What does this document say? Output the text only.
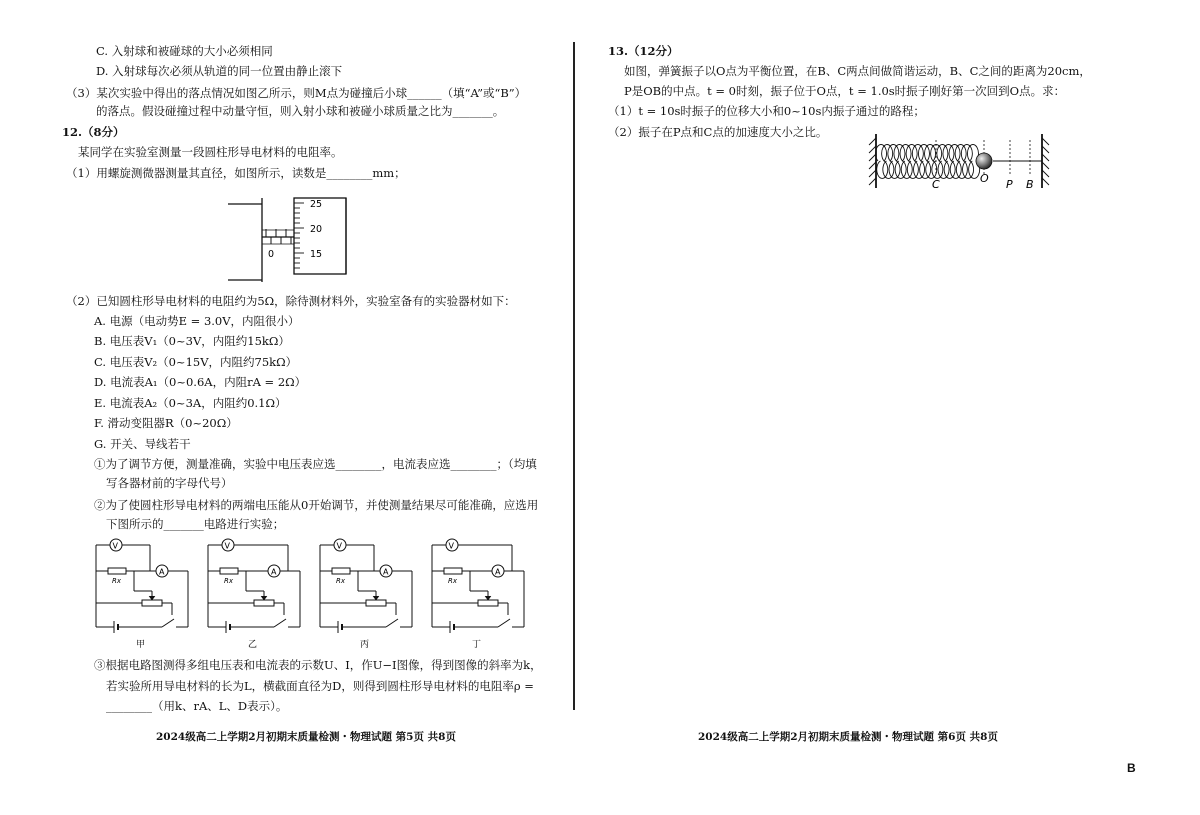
C. 入射球和被碰球的大小必须相同
D. 入射球每次必须从轨道的同一位置由静止滚下
（3）某次实验中得出的落点情况如图乙所示，则M点为碰撞后小球______（填“A”或“B”）
的落点。假设碰撞过程中动量守恒，则入射小球和被碰小球质量之比为_______。
12.（8分）
某同学在实验室测量一段圆柱形导电材料的电阻率。
（1）用螺旋测微器测量其直径，如图所示，读数是________mm；
25
20
15
0
（2）已知圆柱形导电材料的电阻约为5Ω，除待测材料外，实验室备有的实验器材如下：
A. 电源（电动势E = 3.0V，内阻很小）
B. 电压表V₁（0~3V，内阻约15kΩ）
C. 电压表V₂（0~15V，内阻约75kΩ）
D. 电流表A₁（0~0.6A，内阻rA = 2Ω）
E. 电流表A₂（0~3A，内阻约0.1Ω）
F. 滑动变阻器R（0~20Ω）
G. 开关、导线若干
①为了调节方便，测量准确，实验中电压表应选________，电流表应选________；（均填
写各器材前的字母代号）
②为了使圆柱形导电材料的两端电压能从0开始调节，并使测量结果尽可能准确，应选用
下图所示的_______电路进行实验；
V
Rx
A
甲
V
Rx
A
乙
V
Rx
A
丙
V
Rx
A
丁
③根据电路图测得多组电压表和电流表的示数U、I，作U−I图像，得到图像的斜率为k，
若实验所用导电材料的长为L，横截面直径为D，则得到圆柱形导电材料的电阻率ρ =
________（用k、rA、L、D表示）。
2024级高二上学期2月初期末质量检测・物理试题 第5页 共8页
13.（12分）
如图，弹簧振子以O点为平衡位置，在B、C两点间做简谐运动，B、C之间的距离为20cm，
P是OB的中点。t = 0时刻，振子位于O点，t = 1.0s时振子刚好第一次回到O点。求：
（1）t = 10s时振子的位移大小和0~10s内振子通过的路程；
（2）振子在P点和C点的加速度大小之比。
C	O P B
2024级高二上学期2月初期末质量检测・物理试题 第6页 共8页
B
